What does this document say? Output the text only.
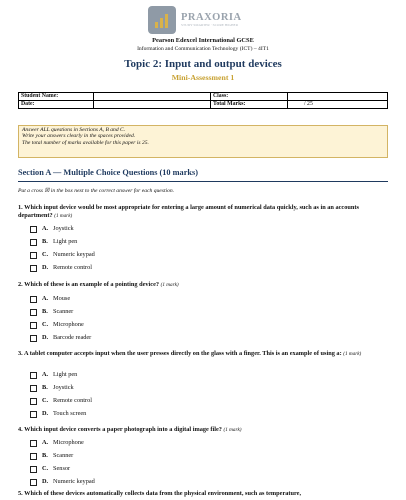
PRAXORIA
STUDY SMARTER · SCORE HIGHER
Pearson Edexcel International GCSE
Information and Communication Technology (ICT) – 4IT1
Topic 2: Input and output devices
Mini-Assessment 1
Student Name:		Class:	
Date:		Total Marks:	/ 25
Answer ALL questions in Sections A, B and C.
Write your answers clearly in the spaces provided.
The total number of marks available for this paper is 25.
Section A — Multiple Choice Questions (10 marks)
Put a cross ☒ in the box next to the correct answer for each question.
1. Which input device would be most appropriate for entering a large amount of numerical data quickly, such as in an accounts department? (1 mark)
A. Joystick
B. Light pen
C. Numeric keypad
D. Remote control
2. Which of these is an example of a pointing device? (1 mark)
A. Mouse
B. Scanner
C. Microphone
D. Barcode reader
3. A tablet computer accepts input when the user presses directly on the glass with a finger. This is an example of using a: (1 mark)
A. Light pen
B. Joystick
C. Remote control
D. Touch screen
4. Which input device converts a paper photograph into a digital image file? (1 mark)
A. Microphone
B. Scanner
C. Sensor
D. Numeric keypad
5. Which of these devices automatically collects data from the physical environment, such as temperature,
